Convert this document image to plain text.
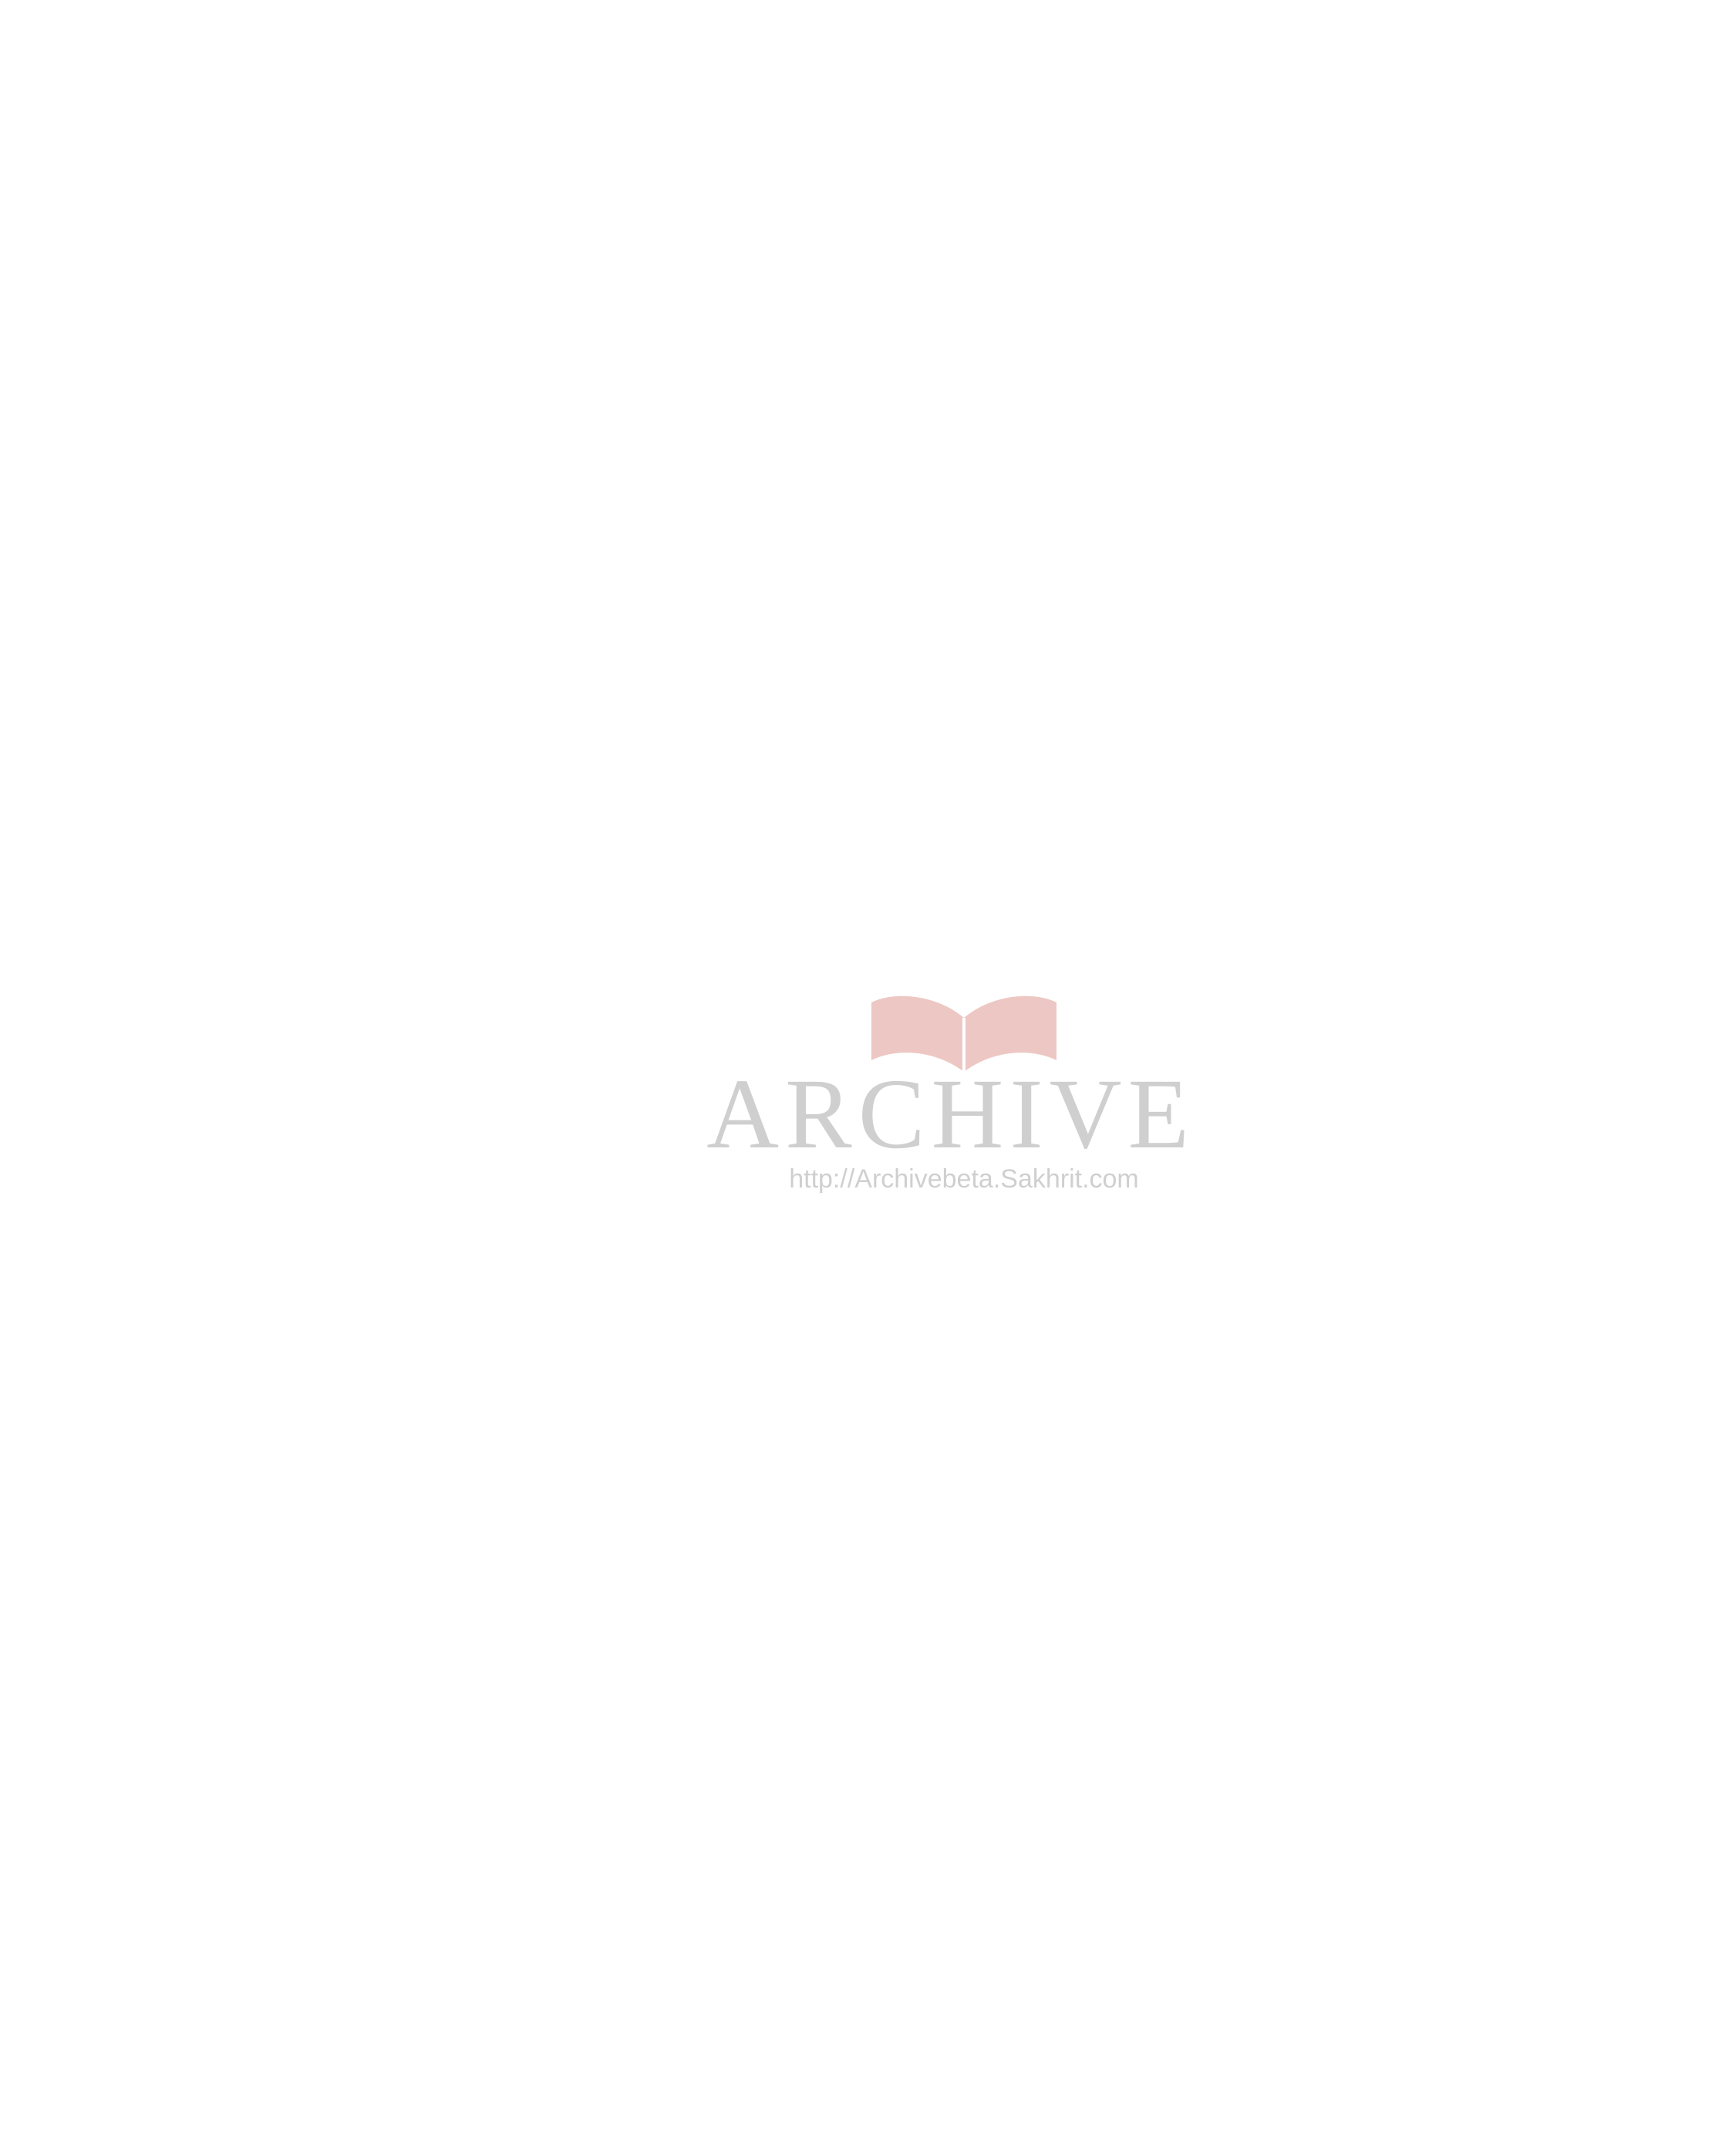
ARCHIVE
http://Archivebeta.Sakhrit.com
